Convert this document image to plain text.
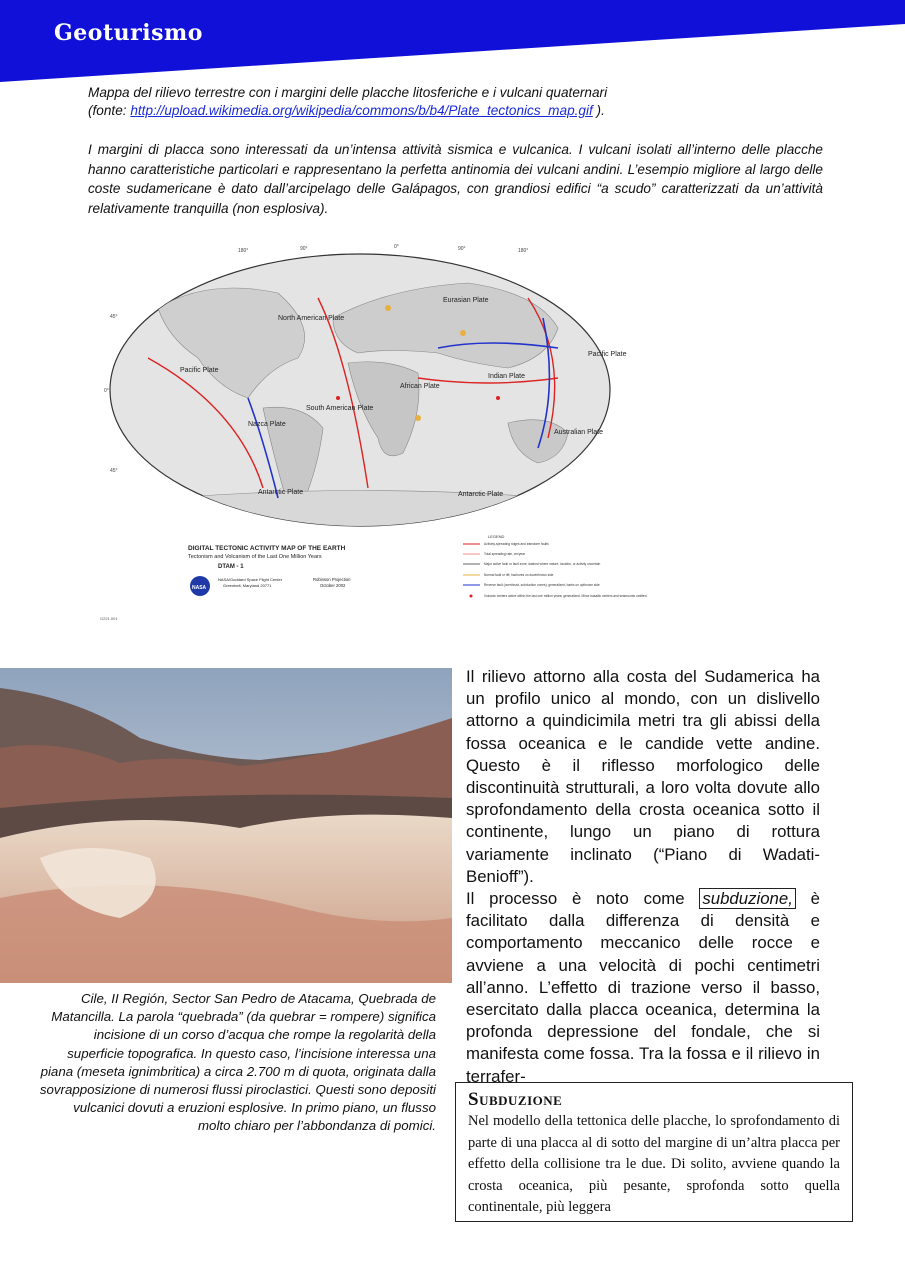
Geoturismo
Mappa del rilievo terrestre con i margini delle placche litosferiche e i vulcani quaternari
(fonte: http://upload.wikimedia.org/wikipedia/commons/b/b4/Plate_tectonics_map.gif ).
I margini di placca sono interessati da un’intensa attività sismica e vulcanica. I vulcani isolati all’interno delle placche hanno caratteristiche particolari e rappresentano la perfetta antinomia dei vulcani andini. L’esempio migliore al largo delle coste sudamericane è dato dall’arcipelago delle Galápagos, con grandiosi edifici “a scudo” caratterizzati da un’attività relativamente tranquilla (non esplosiva).
Eurasian Plate
North American Plate
Pacific Plate
Pacific Plate
Nazca Plate
South American Plate
African Plate
Indian Plate
Australian Plate
Antarctic Plate	Antarctic Plate
180°	90°	0°	90°	180°
45°
0°
45°
DIGITAL TECTONIC ACTIVITY MAP OF THE EARTH
Tectonism and Volcanism of the Last One Million Years
DTAM - 1
NASA
NASA/Goddard Space Flight Center
Greenbelt, Maryland 20771
Robinson Projection
October 2002
G221.001
LEGEND
Actively-spreading ridges and transform faults
Total spreading rate, cm/year
Major active fault or fault zone; dashed where nature, location, or activity uncertain
Normal fault or rift; hachures on downthrown side
Reverse fault (overthrust, subduction zones); generalized; barbs on upthrown side
Volcanic centers active within the last one million years; generalized. Minor basaltic centers and seamounts omitted.
Cile, II Región, Sector San Pedro de Atacama, Quebrada de Matancilla. La parola “quebrada” (da quebrar = rompere) significa incisione di un corso d’acqua che rompe la regolarità della superficie topografica. In questo caso, l’incisione interessa una piana (meseta ignimbritica) a circa 2.700 m di quota, originata dalla sovrapposizione di numerosi flussi piroclastici. Questi sono depositi vulcanici dovuti a eruzioni esplosive. In primo piano, un flusso molto chiaro per l’abbondanza di pomici.

Il rilievo attorno alla costa del Sudamerica ha un profilo unico al mondo, con un dislivello attorno a quindicimila metri tra gli abissi della fossa oceanica e le candide vette andine. Questo è il riflesso morfologico delle discontinuità strutturali, a loro volta dovute allo sprofondamento della crosta oceanica sotto il continente, lungo un piano di rottura variamente inclinato (“Piano di Wadati-Benioff”).

Il processo è noto come subduzione, è facilitato dalla differenza di densità e comportamento meccanico delle rocce e avviene a una velocità di pochi centimetri all’anno. L’effetto di trazione verso il basso, esercitato dalla placca oceanica, determina la profonda depressione del fondale, che si manifesta come fossa. Tra la fossa e il rilievo in terrafer-

Subduzione
Nel modello della tettonica delle placche, lo sprofondamento di parte di una placca al di sotto del margine di un’altra placca per effetto della collisione tra le due. Di solito, avviene quando la crosta oceanica, più pesante, sprofonda sotto quella continentale, più leggera
